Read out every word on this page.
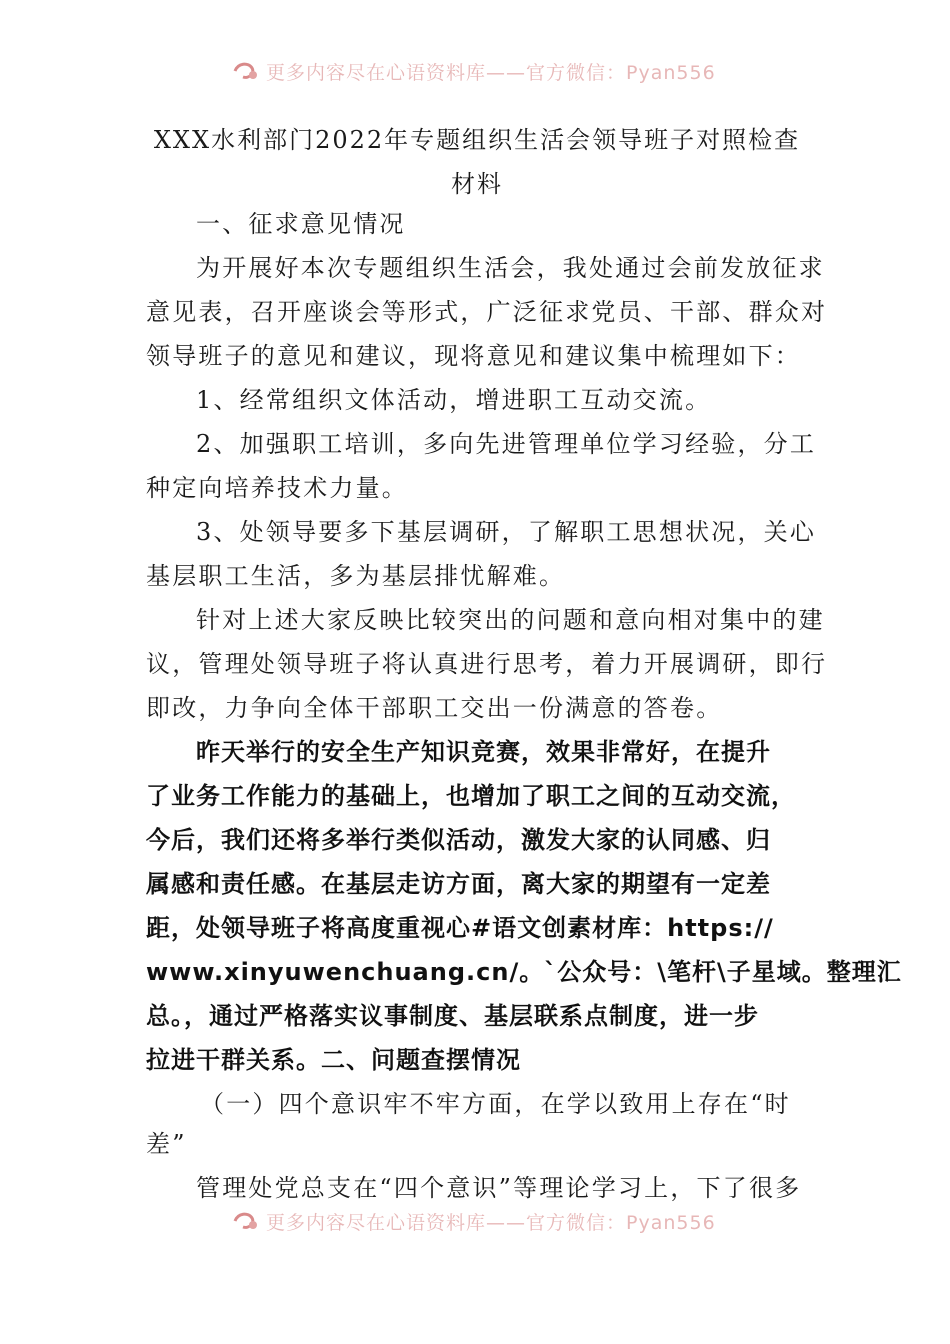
更多内容尽在心语资料库——官方微信：Pyan556
XXX水利部门2022年专题组织生活会领导班子对照检查材料
一、征求意见情况
为开展好本次专题组织生活会，我处通过会前发放征求
意见表，召开座谈会等形式，广泛征求党员、干部、群众对
领导班子的意见和建议，现将意见和建议集中梳理如下：
1、经常组织文体活动，增进职工互动交流。
2、加强职工培训，多向先进管理单位学习经验，分工
种定向培养技术力量。
3、处领导要多下基层调研，了解职工思想状况，关心
基层职工生活，多为基层排忧解难。
针对上述大家反映比较突出的问题和意向相对集中的建
议，管理处领导班子将认真进行思考，着力开展调研，即行
即改，力争向全体干部职工交出一份满意的答卷。
昨天举行的安全生产知识竞赛，效果非常好，在提升
了业务工作能力的基础上，也增加了职工之间的互动交流，
今后，我们还将多举行类似活动，激发大家的认同感、归
属感和责任感。在基层走访方面，离大家的期望有一定差
距，处领导班子将高度重视心#语文创素材库：https://
www.xinyuwenchuang.cn/。`公众号：\笔杆\子星域。整理汇
总。，通过严格落实议事制度、基层联系点制度，进一步
拉进干群关系。二、问题查摆情况
（一）四个意识牢不牢方面，在学以致用上存在“时
差”
管理处党总支在“四个意识”等理论学习上，下了很多
更多内容尽在心语资料库——官方微信：Pyan556
